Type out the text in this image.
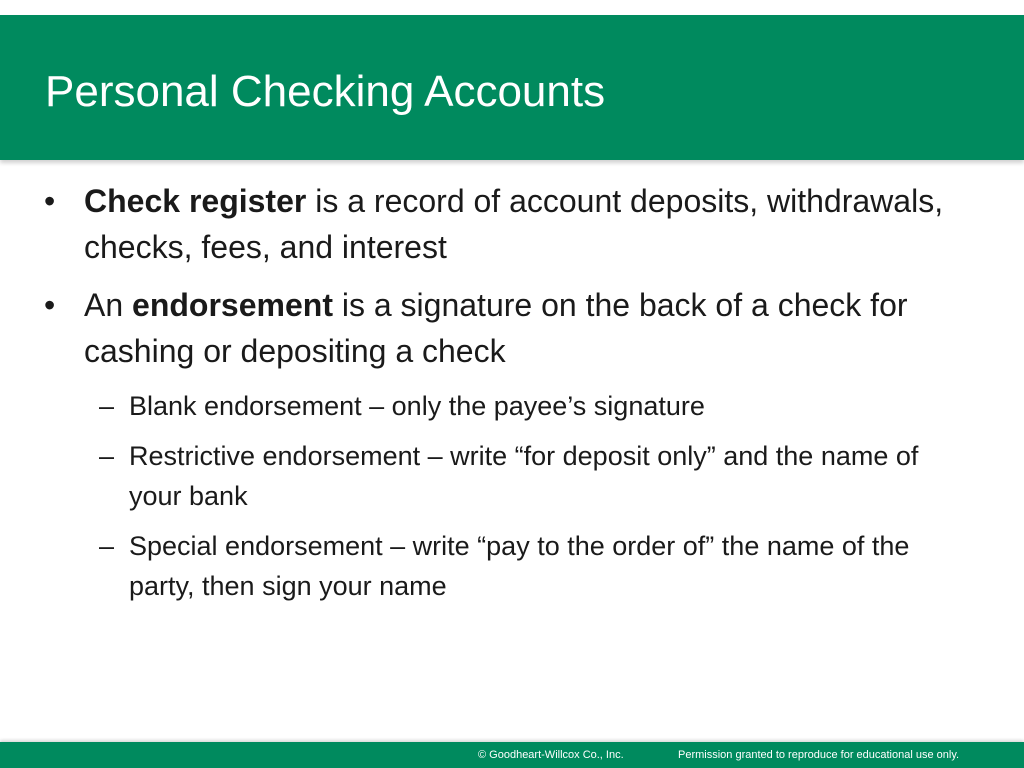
Personal Checking Accounts
• Check register is a record of account deposits, withdrawals, checks, fees, and interest
• An endorsement is a signature on the back of a check for cashing or depositing a check
– Blank endorsement – only the payee’s signature
– Restrictive endorsement – write “for deposit only” and the name of your bank
– Special endorsement – write “pay to the order of” the name of the party, then sign your name
© Goodheart-Willcox Co., Inc.	Permission granted to reproduce for educational use only.
